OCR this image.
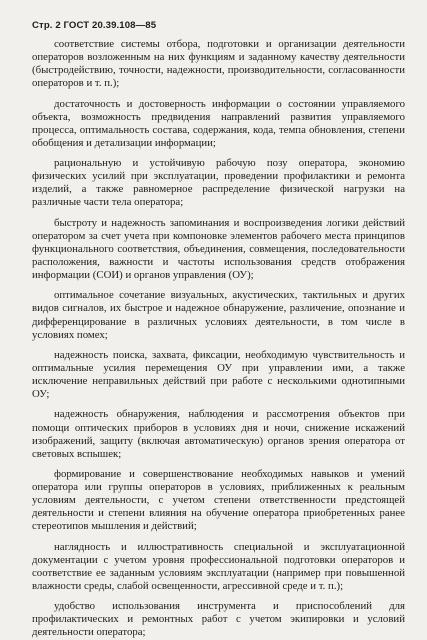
Стр. 2 ГОСТ 20.39.108—85

соответствие системы отбора, подготовки и организации деятельности операторов возложенным на них функциям и заданному качеству деятельности (быстродействию, точности, надежности, производительности, согласованности операторов и т. п.);

достаточность и достоверность информации о состоянии управляемого объекта, возможность предвидения направлений развития управляемого процесса, оптимальность состава, содержания, кода, темпа обновления, степени обобщения и детализации информации;

рациональную и устойчивую рабочую позу оператора, экономию физических усилий при эксплуатации, проведении профилактики и ремонта изделий, а также равномерное распределение физической нагрузки на различные части тела оператора;

быстроту и надежность запоминания и воспроизведения логики действий оператором за счет учета при компоновке элементов рабочего места принципов функционального соответствия, объединения, совмещения, последовательности расположения, важности и частоты использования средств отображения информации (СОИ) и органов управления (ОУ);

оптимальное сочетание визуальных, акустических, тактильных и других видов сигналов, их быстрое и надежное обнаружение, различение, опознание и дифференцирование в различных условиях деятельности, в том числе в условиях помех;

надежность поиска, захвата, фиксации, необходимую чувствительность и оптимальные усилия перемещения ОУ при управлении ими, а также исключение неправильных действий при работе с несколькими однотипными ОУ;

надежность обнаружения, наблюдения и рассмотрения объектов при помощи оптических приборов в условиях дня и ночи, снижение искажений изображений, защиту (включая автоматическую) органов зрения оператора от световых вспышек;

формирование и совершенствование необходимых навыков и умений оператора или группы операторов в условиях, приближенных к реальным условиям деятельности, с учетом степени ответственности предстоящей деятельности и степени влияния на обучение оператора приобретенных ранее стереотипов мышления и действий;

наглядность и иллюстративность специальной и эксплуатационной документации с учетом уровня профессиональной подготовки операторов и соответствие ее заданным условиям эксплуатации (например при повышенной влажности среды, слабой освещенности, агрессивной среде и т. п.);

удобство использования инструмента и приспособлений для профилактических и ремонтных работ с учетом экипировки и условий деятельности оператора;
